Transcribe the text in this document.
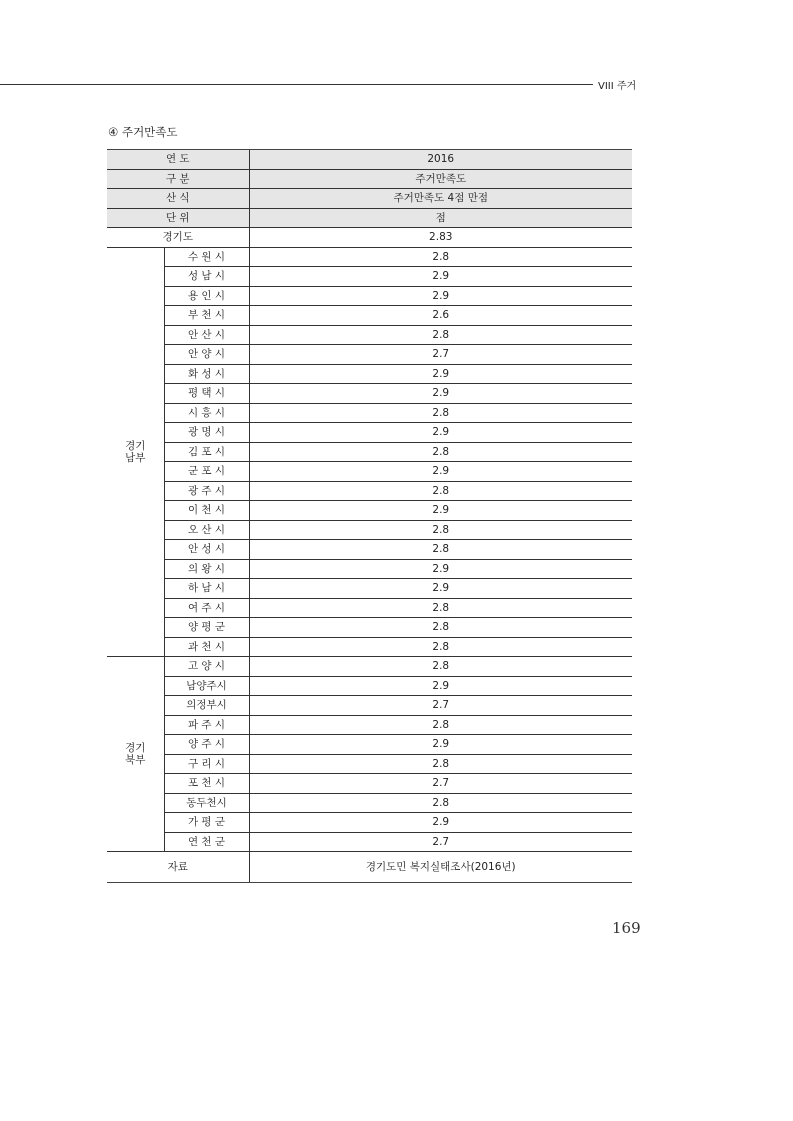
VIII 주거
④ 주거만족도
연 도		2016
구 분		주거만족도
산 식		주거만족도 4점 만점
단 위		점
경기도		2.83
경기
남부	수 원 시	2.8
	성 남 시	2.9
	용 인 시	2.9
	부 천 시	2.6
	안 산 시	2.8
	안 양 시	2.7
	화 성 시	2.9
	평 택 시	2.9
	시 흥 시	2.8
	광 명 시	2.9
	김 포 시	2.8
	군 포 시	2.9
	광 주 시	2.8
	이 천 시	2.9
	오 산 시	2.8
	안 성 시	2.8
	의 왕 시	2.9
	하 남 시	2.9
	여 주 시	2.8
	양 평 군	2.8
	과 천 시	2.8
경기
북부	고 양 시	2.8
	남양주시	2.9
	의정부시	2.7
	파 주 시	2.8
	양 주 시	2.9
	구 리 시	2.8
	포 천 시	2.7
	동두천시	2.8
	가 평 군	2.9
	연 천 군	2.7
자료		경기도민 복지실태조사(2016년)
169
